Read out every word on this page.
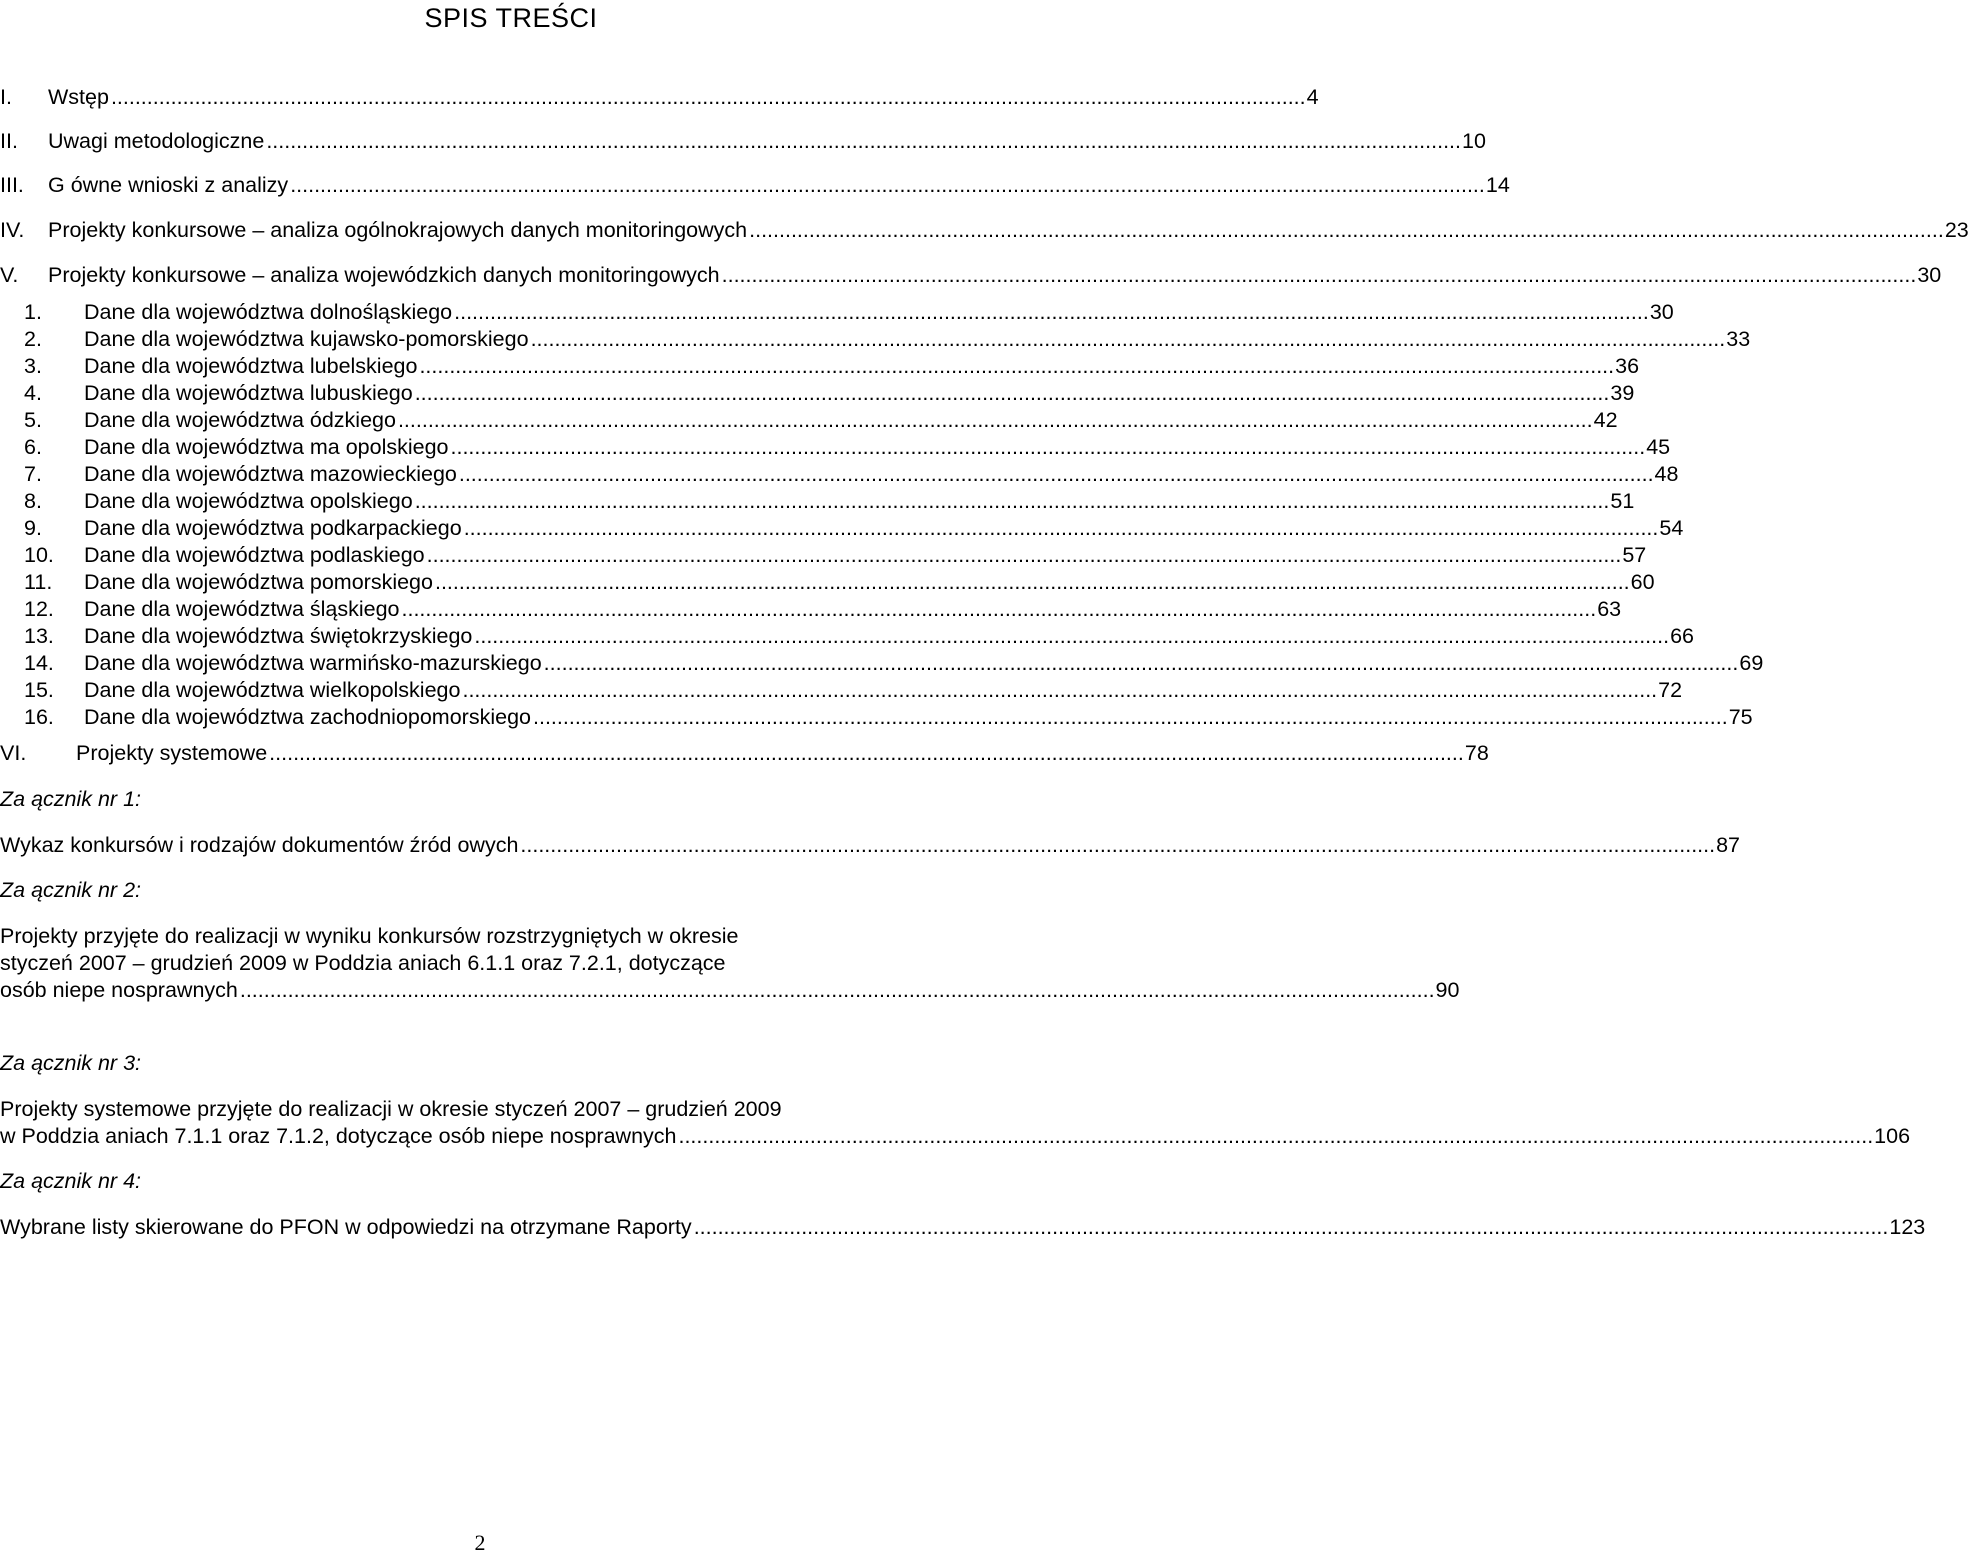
SPIS TREŚCI
I. Wstęp .....	4
II. Uwagi metodologiczne .....	10
III. G ówne wnioski z analizy .....	14
IV. Projekty konkursowe – analiza ogólnokrajowych danych monitoringowych .....	23
V. Projekty konkursowe – analiza wojewódzkich danych monitoringowych .....	30
1. Dane dla województwa dolnośląskiego .....	30
2. Dane dla województwa kujawsko-pomorskiego .....	33
3. Dane dla województwa lubelskiego .....	36
4. Dane dla województwa lubuskiego .....	39
5. Dane dla województwa ódzkiego .....	42
6. Dane dla województwa ma opolskiego .....	45
7. Dane dla województwa mazowieckiego .....	48
8. Dane dla województwa opolskiego .....	51
9. Dane dla województwa podkarpackiego .....	54
10. Dane dla województwa podlaskiego .....	57
11. Dane dla województwa pomorskiego .....	60
12. Dane dla województwa śląskiego .....	63
13. Dane dla województwa świętokrzyskiego .....	66
14. Dane dla województwa warmińsko-mazurskiego .....	69
15. Dane dla województwa wielkopolskiego .....	72
16. Dane dla województwa zachodniopomorskiego .....	75
VI. Projekty systemowe .....	78
Za ącznik nr 1:
Wykaz konkursów i rodzajów dokumentów źród owych .....	87
Za ącznik nr 2:
Projekty przyjęte do realizacji w wyniku konkursów rozstrzygniętych w okresie
styczeń 2007 – grudzień 2009 w Poddzia aniach 6.1.1 oraz 7.2.1, dotyczące
osób niepe nosprawnych .....	90
Za ącznik nr 3:
Projekty systemowe przyjęte do realizacji w okresie styczeń 2007 – grudzień 2009
w Poddzia aniach 7.1.1 oraz 7.1.2, dotyczące osób niepe nosprawnych .....	106
Za ącznik nr 4:
Wybrane listy skierowane do PFON w odpowiedzi na otrzymane Raporty .....	123
2
